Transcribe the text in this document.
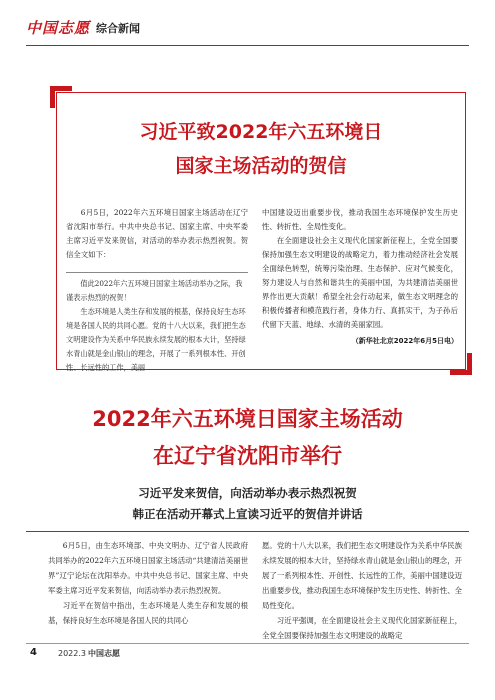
中国志愿 综合新闻
习近平致2022年六五环境日
国家主场活动的贺信

6月5日，2022年六五环境日国家主场活动在辽宁省沈阳市举行。中共中央总书记、国家主席、中央军委主席习近平发来贺信，对活动的举办表示热烈祝贺。贺信全文如下：

值此2022年六五环境日国家主场活动举办之际，我谨表示热烈的祝贺！

生态环境是人类生存和发展的根基，保持良好生态环境是各国人民的共同心愿。党的十八大以来，我们把生态文明建设作为关系中华民族永续发展的根本大计，坚持绿水青山就是金山银山的理念，开展了一系列根本性、开创性、长远性的工作，美丽

中国建设迈出重要步伐，推动我国生态环境保护发生历史性、转折性、全局性变化。

在全面建设社会主义现代化国家新征程上，全党全国要保持加强生态文明建设的战略定力，着力推动经济社会发展全面绿色转型，统筹污染治理、生态保护、应对气候变化，努力建设人与自然和谐共生的美丽中国，为共建清洁美丽世界作出更大贡献！希望全社会行动起来，做生态文明理念的积极传播者和模范践行者，身体力行、真抓实干，为子孙后代留下天蓝、地绿、水清的美丽家园。

（新华社北京2022年6月5日电）
2022年六五环境日国家主场活动
在辽宁省沈阳市举行
习近平发来贺信，向活动举办表示热烈祝贺
韩正在活动开幕式上宣读习近平的贺信并讲话

6月5日，由生态环境部、中央文明办、辽宁省人民政府共同举办的2022年六五环境日国家主场活动“共建清洁美丽世界”辽宁论坛在沈阳举办。中共中央总书记、国家主席、中央军委主席习近平发来贺信，向活动举办表示热烈祝贺。

习近平在贺信中指出，生态环境是人类生存和发展的根基，保持良好生态环境是各国人民的共同心

愿。党的十八大以来，我们把生态文明建设作为关系中华民族永续发展的根本大计，坚持绿水青山就是金山银山的理念，开展了一系列根本性、开创性、长远性的工作，美丽中国建设迈出重要步伐，推动我国生态环境保护发生历史性、转折性、全局性变化。

习近平强调，在全面建设社会主义现代化国家新征程上，全党全国要保持加强生态文明建设的战略定

4	2022.3 中国志愿
